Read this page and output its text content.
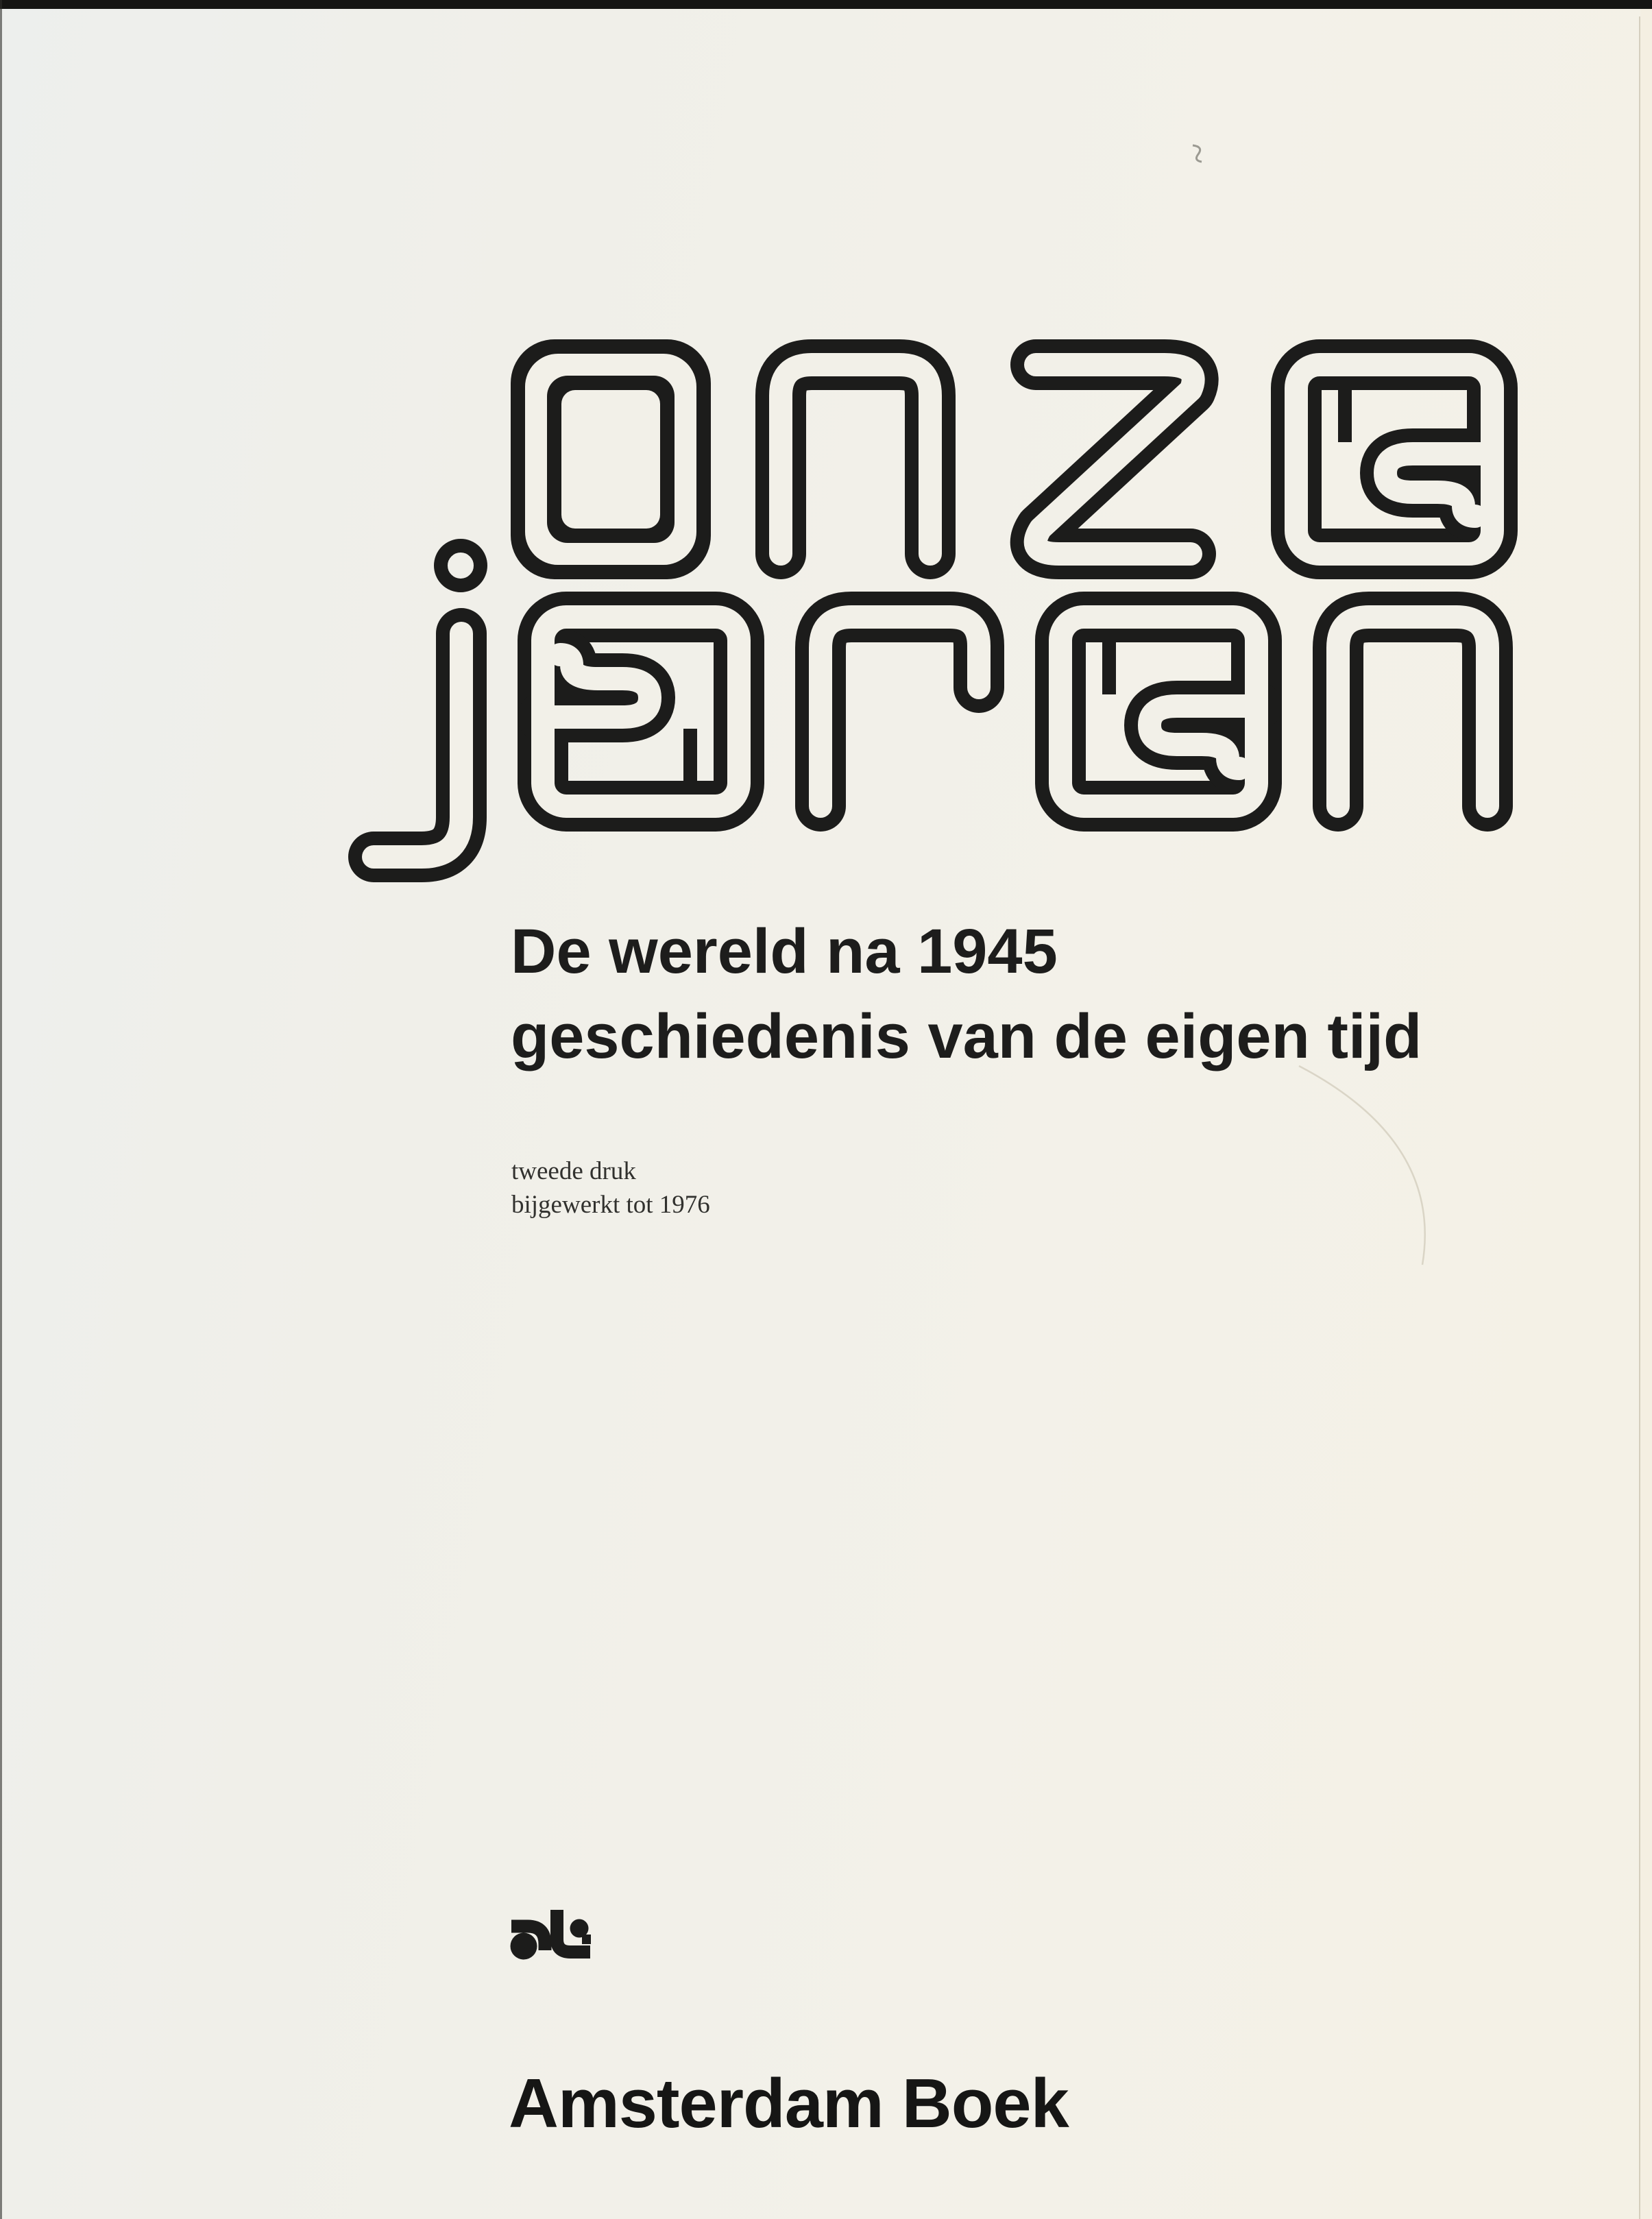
De wereld na 1945
geschiedenis van de eigen tijd
tweede druk
bijgewerkt tot 1976
Amsterdam Boek
